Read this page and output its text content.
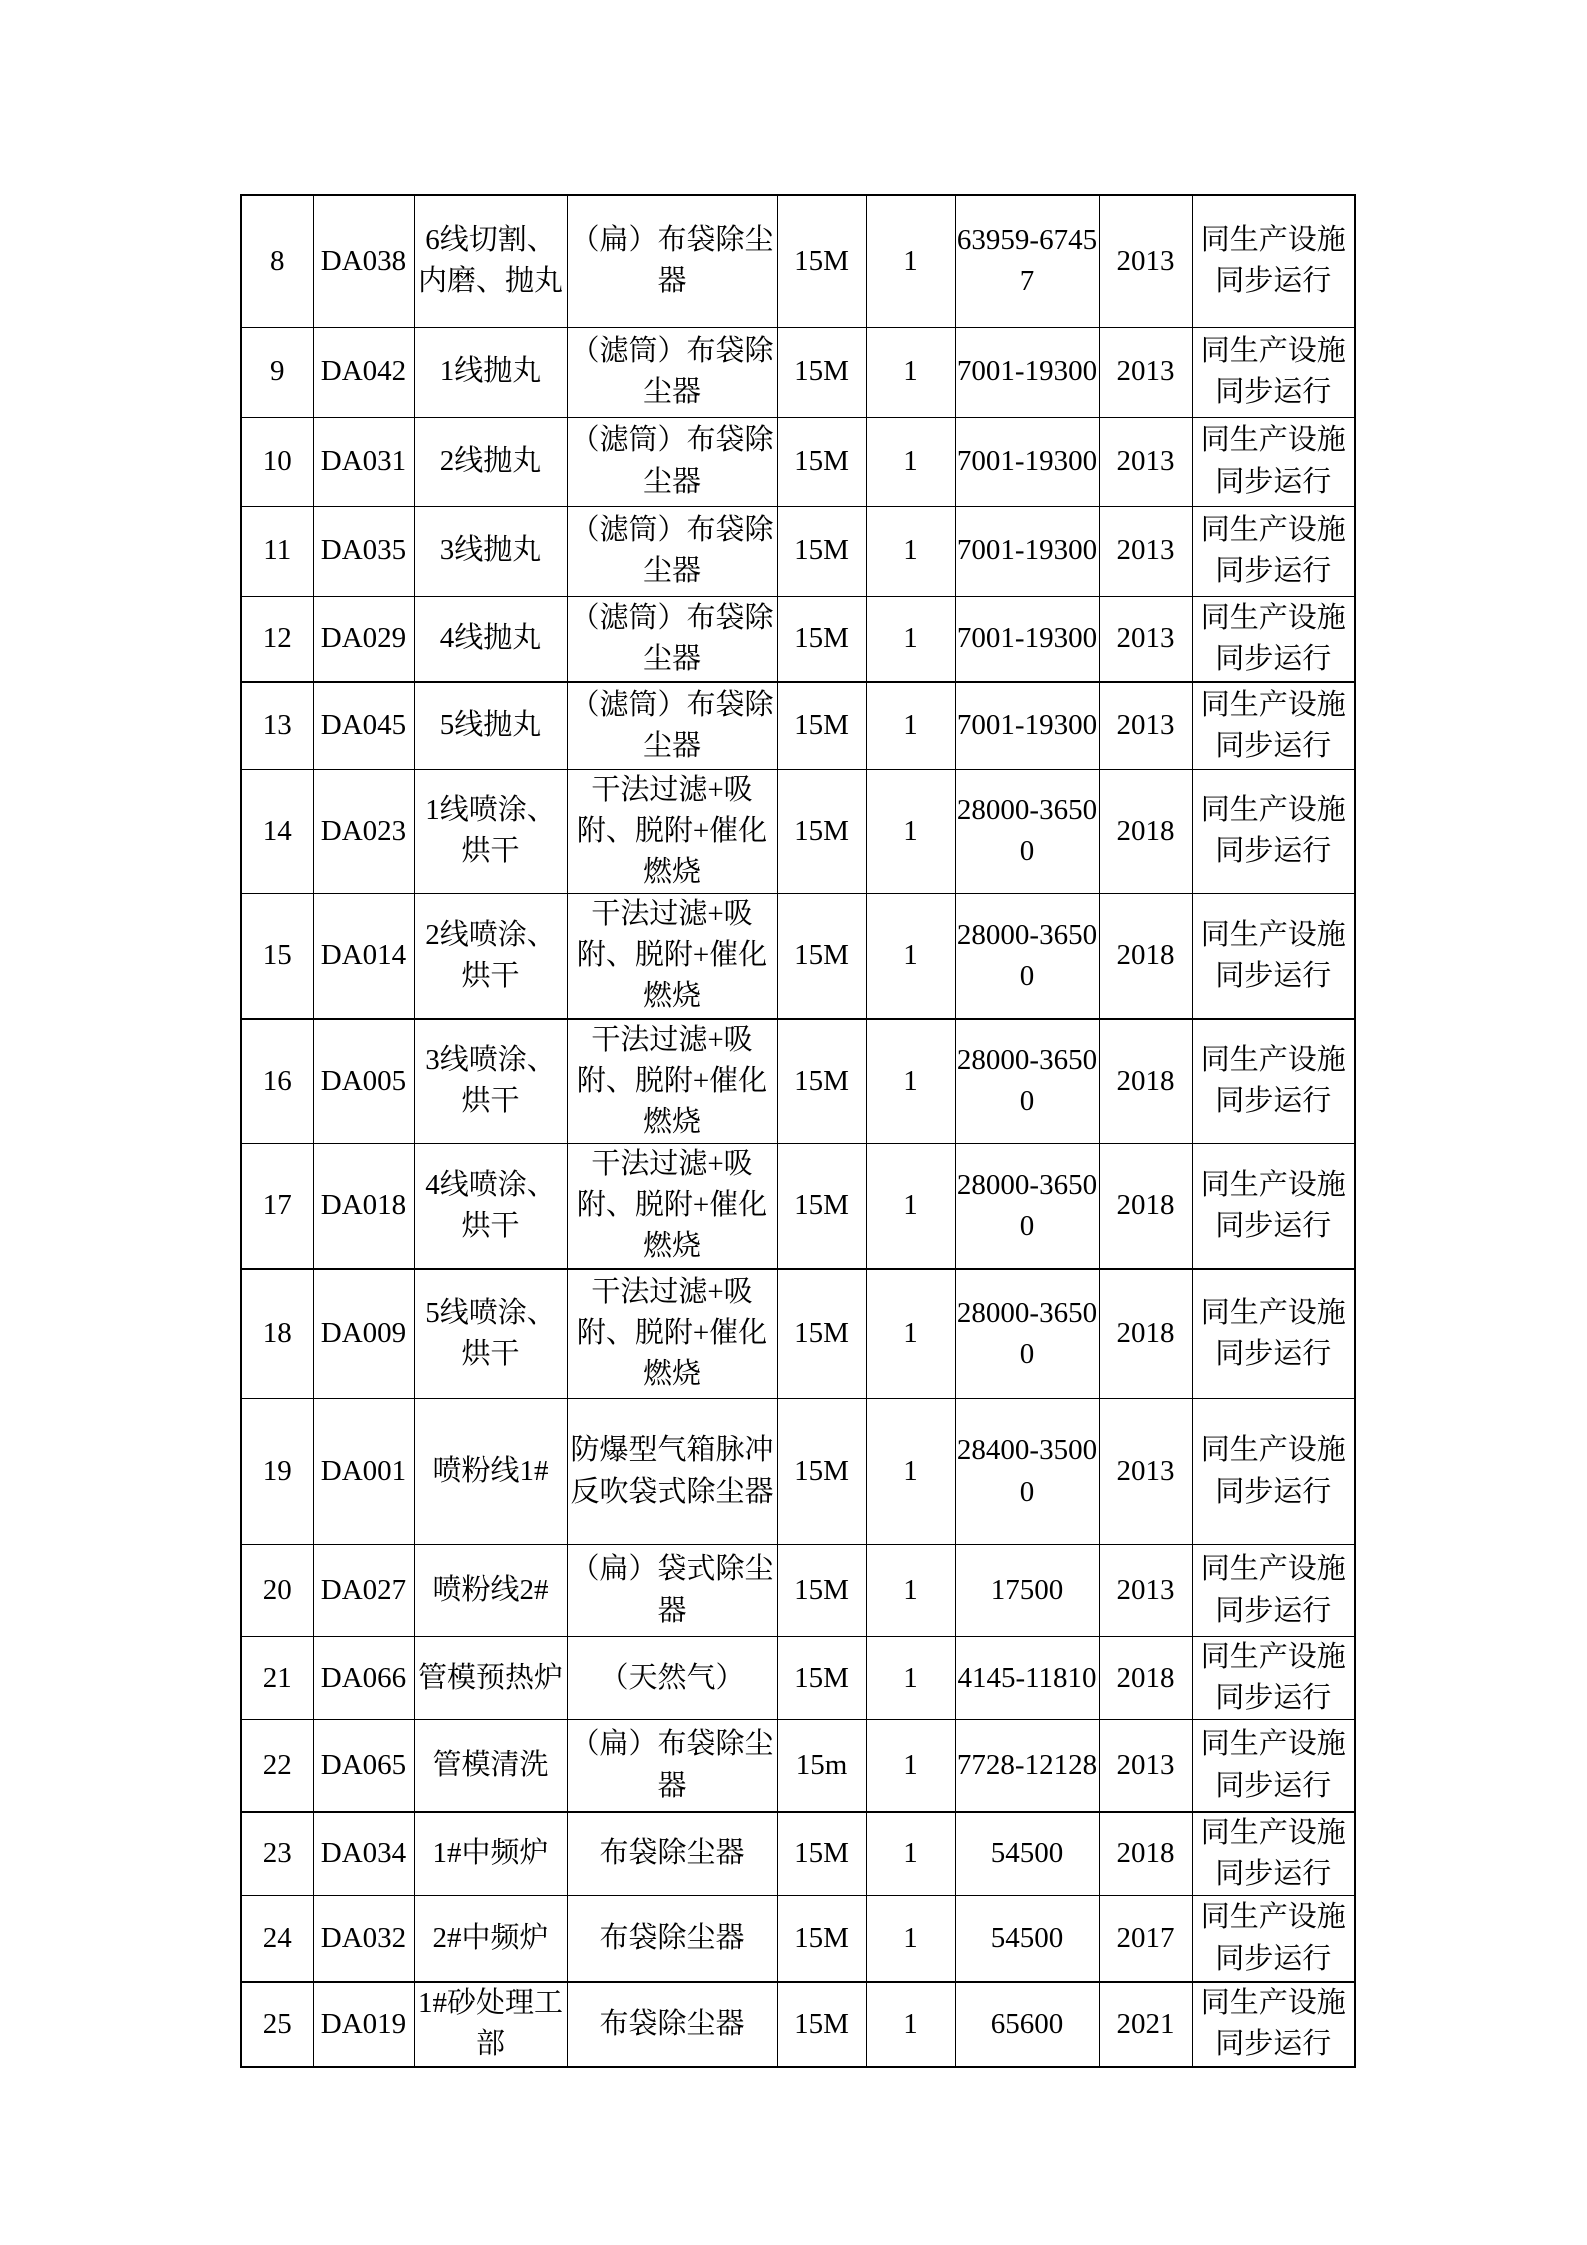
8	DA038	6线切割、内磨、抛丸	（扁）布袋除尘器	15M	1	63959-67457	2013	同生产设施同步运行
9	DA042	1线抛丸	（滤筒）布袋除尘器	15M	1	7001-19300	2013	同生产设施同步运行
10	DA031	2线抛丸	（滤筒）布袋除尘器	15M	1	7001-19300	2013	同生产设施同步运行
11	DA035	3线抛丸	（滤筒）布袋除尘器	15M	1	7001-19300	2013	同生产设施同步运行
12	DA029	4线抛丸	（滤筒）布袋除尘器	15M	1	7001-19300	2013	同生产设施同步运行
13	DA045	5线抛丸	（滤筒）布袋除尘器	15M	1	7001-19300	2013	同生产设施同步运行
14	DA023	1线喷涂、烘干	干法过滤+吸附、脱附+催化燃烧	15M	1	28000-36500	2018	同生产设施同步运行
15	DA014	2线喷涂、烘干	干法过滤+吸附、脱附+催化燃烧	15M	1	28000-36500	2018	同生产设施同步运行
16	DA005	3线喷涂、烘干	干法过滤+吸附、脱附+催化燃烧	15M	1	28000-36500	2018	同生产设施同步运行
17	DA018	4线喷涂、烘干	干法过滤+吸附、脱附+催化燃烧	15M	1	28000-36500	2018	同生产设施同步运行
18	DA009	5线喷涂、烘干	干法过滤+吸附、脱附+催化燃烧	15M	1	28000-36500	2018	同生产设施同步运行
19	DA001	喷粉线1#	防爆型气箱脉冲反吹袋式除尘器	15M	1	28400-35000	2013	同生产设施同步运行
20	DA027	喷粉线2#	（扁）袋式除尘器	15M	1	17500	2013	同生产设施同步运行
21	DA066	管模预热炉	（天然气）	15M	1	4145-11810	2018	同生产设施同步运行
22	DA065	管模清洗	（扁）布袋除尘器	15m	1	7728-12128	2013	同生产设施同步运行
23	DA034	1#中频炉	布袋除尘器	15M	1	54500	2018	同生产设施同步运行
24	DA032	2#中频炉	布袋除尘器	15M	1	54500	2017	同生产设施同步运行
25	DA019	1#砂处理工部	布袋除尘器	15M	1	65600	2021	同生产设施同步运行
